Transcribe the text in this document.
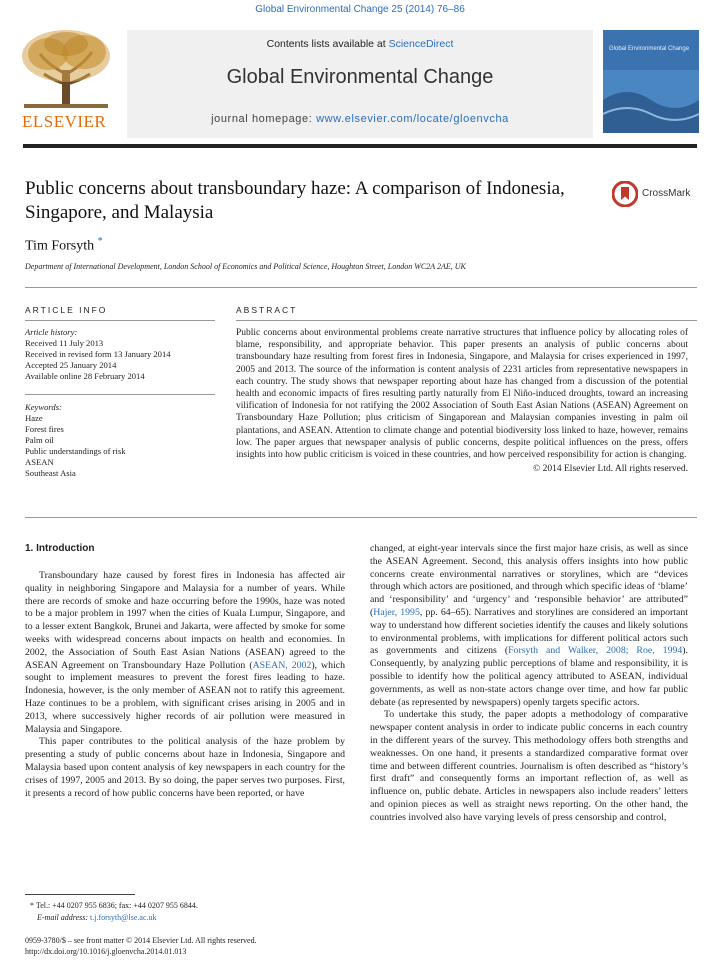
Global Environmental Change 25 (2014) 76–86
ELSEVIER
Contents lists available at ScienceDirect
Global Environmental Change
journal homepage: www.elsevier.com/locate/gloenvcha
Global Environmental Change
Public concerns about transboundary haze: A comparison of Indonesia, Singapore, and Malaysia
CrossMark
Tim Forsyth *
Department of International Development, London School of Economics and Political Science, Houghton Street, London WC2A 2AE, UK
ARTICLE INFO	ABSTRACT
Article history:
Received 11 July 2013
Received in revised form 13 January 2014
Accepted 25 January 2014
Available online 28 February 2014
Keywords:
Haze
Forest fires
Palm oil
Public understandings of risk
ASEAN
Southeast Asia
Public concerns about environmental problems create narrative structures that influence policy by allocating roles of blame, responsibility, and appropriate behavior. This paper presents an analysis of public concerns about transboundary haze resulting from forest fires in Indonesia, Singapore, and Malaysia for crises experienced in 1997, 2005 and 2013. The source of the information is content analysis of 2231 articles from representative newspapers in each country. The study shows that newspaper reporting about haze has changed from a discussion of the potential health and economic impacts of fires resulting partly naturally from El Niño-induced droughts, toward an increasing vilification of Indonesia for not ratifying the 2002 Association of South East Asian Nations (ASEAN) Agreement on Transboundary Haze Pollution; plus criticism of Singaporean and Malaysian companies investing in palm oil plantations, and ASEAN. Attention to climate change and potential biodiversity loss linked to haze, however, remains low. The paper argues that newspaper analysis of public concerns, despite political influences on the press, offers insights into how public criticism is voiced in these countries, and how perceived responsibility for action is changing.
© 2014 Elsevier Ltd. All rights reserved.
1. Introduction

Transboundary haze caused by forest fires in Indonesia has affected air quality in neighboring Singapore and Malaysia for a number of years. While there are records of smoke and haze occurring before the 1990s, haze was noted to be a major problem in 1997 when the cities of Kuala Lumpur, Singapore, and to a lesser extent Bangkok, Brunei and Jakarta, were affected by smoke for some weeks with widespread concerns about impacts on health and economies. In 2002, the Association of South East Asian Nations (ASEAN) agreed to the ASEAN Agreement on Transboundary Haze Pollution (ASEAN, 2002), which sought to implement measures to prevent the forest fires leading to haze. Indonesia, however, is the only member of ASEAN not to ratify this agreement. Haze continues to be a problem, with significant crises arising in 2005 and in 2013, where successively higher records of air pollution were measured in Malaysia and Singapore.

This paper contributes to the political analysis of the haze problem by presenting a study of public concerns about haze in Indonesia, Singapore and Malaysia based upon content analysis of key newspapers in each country for the crises of 1997, 2005 and 2013. By so doing, the paper serves two purposes. First, it presents a record of how public concerns have been reported, or have

* Tel.: +44 0207 955 6836; fax: +44 0207 955 6844.
E-mail address: t.j.forsyth@lse.ac.uk
0959-3780/$ – see front matter © 2014 Elsevier Ltd. All rights reserved.
http://dx.doi.org/10.1016/j.gloenvcha.2014.01.013

changed, at eight-year intervals since the first major haze crisis, as well as since the ASEAN Agreement. Second, this analysis offers insights into how public concerns create environmental narratives or storylines, which are “devices through which actors are positioned, and through which specific ideas of ‘blame’ and ‘responsibility’ and ‘urgency’ and ‘responsible behavior’ are attributed” (Hajer, 1995, pp. 64–65). Narratives and storylines are considered an important way to understand how different societies identify the causes and likely solutions to environmental problems, with implications for different political actors such as governments and citizens (Forsyth and Walker, 2008; Roe, 1994). Consequently, by analyzing public perceptions of blame and responsibility, it is possible to identify how the political agency attributed to ASEAN, individual governments, as well as non-state actors change over time, and how far public debate (as represented by newspapers) openly targets specific actors.

To undertake this study, the paper adopts a methodology of comparative newspaper content analysis in order to indicate public concerns in each country in the different years of the survey. This methodology offers both strengths and weaknesses. On one hand, it presents a standardized comparative format over time and between different countries. Journalism is often described as “history’s first draft” and consequently forms an important reflection of, as well as influence on, public debate. Articles in newspapers also include readers’ letters and opinion pieces as well as straight news reporting. On the other hand, the countries involved also have varying levels of press censorship and control,
